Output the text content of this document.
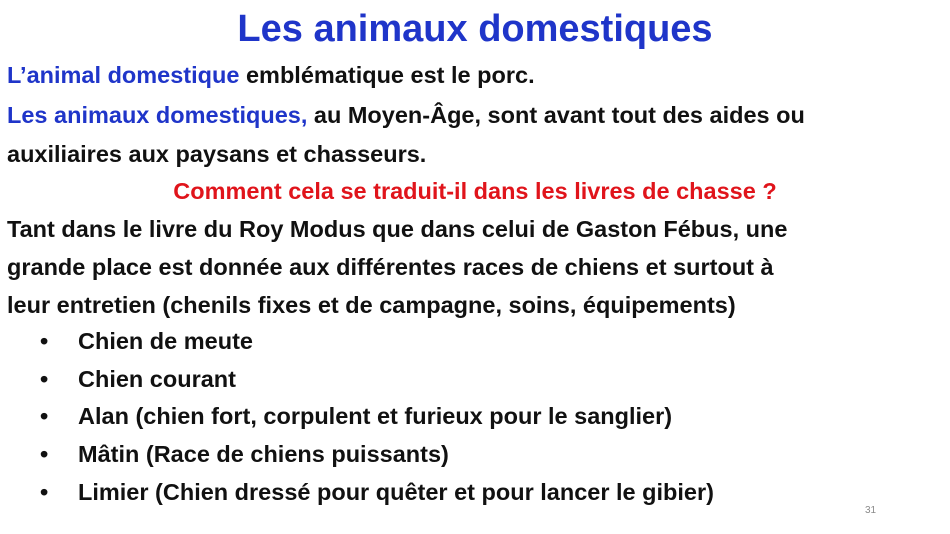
Les animaux domestiques
L’animal domestique emblématique est le porc.
Les animaux domestiques, au Moyen-Âge, sont avant tout des aides ou
auxiliaires aux paysans et chasseurs.
Comment cela se traduit-il dans les livres de chasse ?
Tant dans le livre du Roy Modus que dans celui de Gaston Fébus, une
grande place est donnée aux différentes races de chiens et surtout à
leur entretien (chenils fixes et de campagne, soins, équipements)
• Chien de meute
• Chien courant
• Alan (chien fort, corpulent et furieux pour le sanglier)
• Mâtin (Race de chiens puissants)
• Limier (Chien dressé pour quêter et pour lancer le gibier)
31
